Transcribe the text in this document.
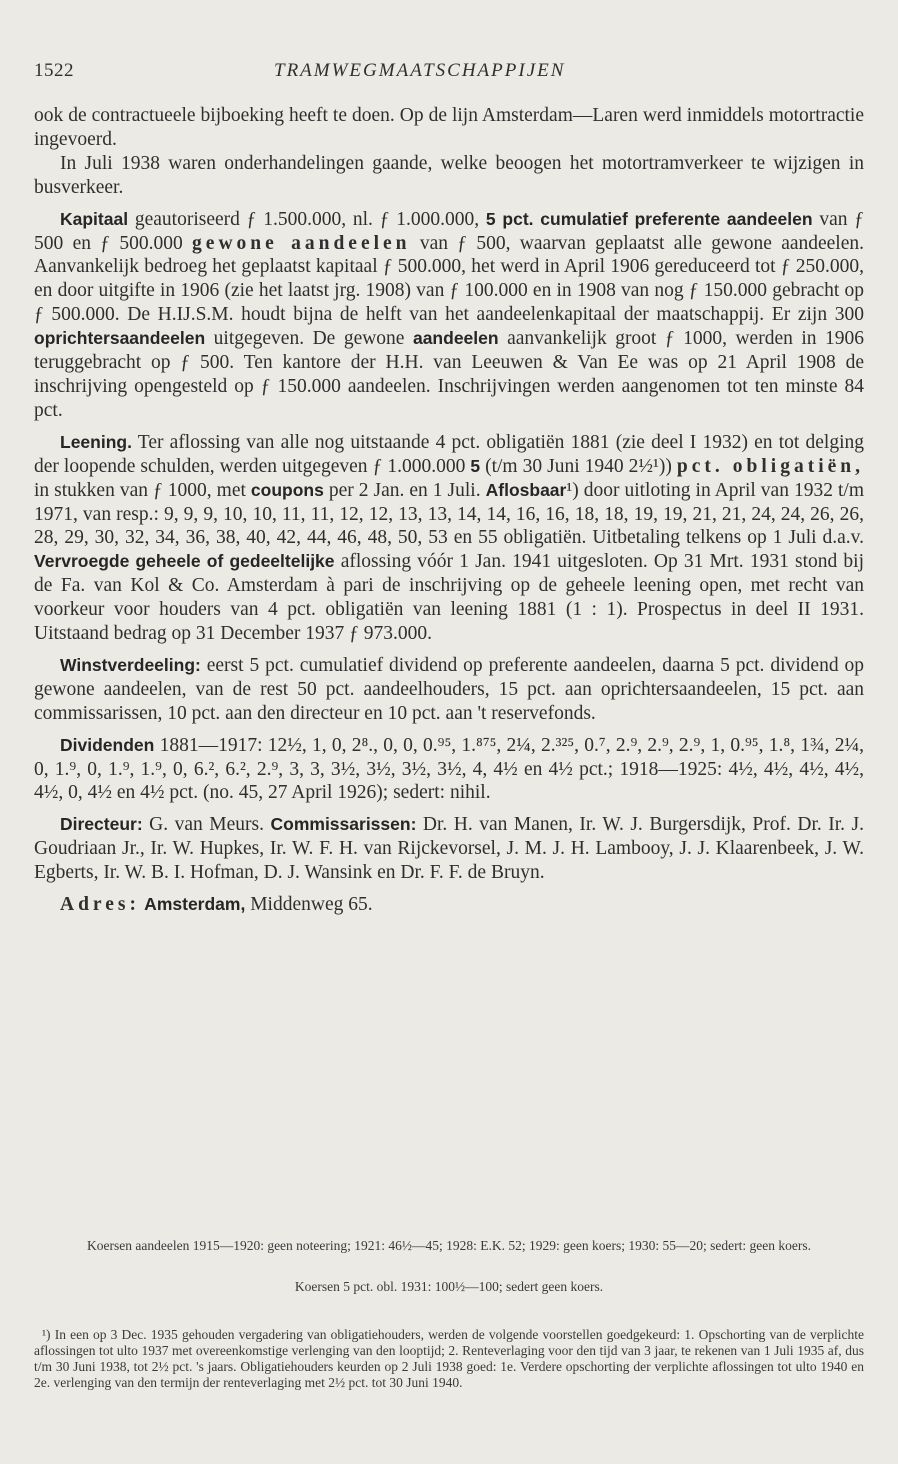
1522	TRAMWEGMAATSCHAPPIJEN

ook de contractueele bijboeking heeft te doen. Op de lijn Amsterdam—Laren werd inmiddels motortractie ingevoerd.

In Juli 1938 waren onderhandelingen gaande, welke beoogen het motortramverkeer te wijzigen in busverkeer.

Kapitaal geautoriseerd ƒ 1.500.000, nl. ƒ 1.000.000, 5 pct. cumulatief preferente aandeelen van ƒ 500 en ƒ 500.000 gewone aandeelen van ƒ 500, waarvan geplaatst alle gewone aandeelen. Aanvankelijk bedroeg het geplaatst kapitaal ƒ 500.000, het werd in April 1906 gereduceerd tot ƒ 250.000, en door uitgifte in 1906 (zie het laatst jrg. 1908) van ƒ 100.000 en in 1908 van nog ƒ 150.000 gebracht op ƒ 500.000. De H.IJ.S.M. houdt bijna de helft van het aandeelenkapitaal der maatschappij. Er zijn 300 oprichtersaandeelen uitgegeven. De gewone aandeelen aanvankelijk groot ƒ 1000, werden in 1906 teruggebracht op ƒ 500. Ten kantore der H.H. van Leeuwen & Van Ee was op 21 April 1908 de inschrijving opengesteld op ƒ 150.000 aandeelen. Inschrijvingen werden aangenomen tot ten minste 84 pct.

Leening. Ter aflossing van alle nog uitstaande 4 pct. obligatiën 1881 (zie deel I 1932) en tot delging der loopende schulden, werden uitgegeven ƒ 1.000.000 5 (t/m 30 Juni 1940 2½¹)) pct. obligatiën, in stukken van ƒ 1000, met coupons per 2 Jan. en 1 Juli. Aflosbaar¹) door uitloting in April van 1932 t/m 1971, van resp.: 9, 9, 9, 10, 10, 11, 11, 12, 12, 13, 13, 14, 14, 16, 16, 18, 18, 19, 19, 21, 21, 24, 24, 26, 26, 28, 29, 30, 32, 34, 36, 38, 40, 42, 44, 46, 48, 50, 53 en 55 obligatiën. Uitbetaling telkens op 1 Juli d.a.v. Vervroegde geheele of gedeeltelijke aflossing vóór 1 Jan. 1941 uitgesloten. Op 31 Mrt. 1931 stond bij de Fa. van Kol & Co. Amsterdam à pari de inschrijving op de geheele leening open, met recht van voorkeur voor houders van 4 pct. obligatiën van leening 1881 (1 : 1). Prospectus in deel II 1931. Uitstaand bedrag op 31 December 1937 ƒ 973.000.

Winstverdeeling: eerst 5 pct. cumulatief dividend op preferente aandeelen, daarna 5 pct. dividend op gewone aandeelen, van de rest 50 pct. aandeelhouders, 15 pct. aan oprichtersaandeelen, 15 pct. aan commissarissen, 10 pct. aan den directeur en 10 pct. aan 't reservefonds.

Dividenden 1881—1917: 12½, 1, 0, 2⁸., 0, 0, 0.⁹⁵, 1.⁸⁷⁵, 2¼, 2.³²⁵, 0.⁷, 2.⁹, 2.⁹, 2.⁹, 1, 0.⁹⁵, 1.⁸, 1¾, 2¼, 0, 1.⁹, 0, 1.⁹, 1.⁹, 0, 6.², 6.², 2.⁹, 3, 3, 3½, 3½, 3½, 3½, 4, 4½ en 4½ pct.; 1918—1925: 4½, 4½, 4½, 4½, 4½, 0, 4½ en 4½ pct. (no. 45, 27 April 1926); sedert: nihil.

Directeur: G. van Meurs. Commissarissen: Dr. H. van Manen, Ir. W. J. Burgersdijk, Prof. Dr. Ir. J. Goudriaan Jr., Ir. W. Hupkes, Ir. W. F. H. van Rijckevorsel, J. M. J. H. Lambooy, J. J. Klaarenbeek, J. W. Egberts, Ir. W. B. I. Hofman, D. J. Wansink en Dr. F. F. de Bruyn.

Adres: Amsterdam, Middenweg 65.

Koersen aandeelen 1915—1920: geen noteering; 1921: 46½—45; 1928: E.K. 52; 1929: geen koers; 1930: 55—20; sedert: geen koers.
Koersen 5 pct. obl. 1931: 100½—100; sedert geen koers.

¹) In een op 3 Dec. 1935 gehouden vergadering van obligatiehouders, werden de volgende voorstellen goedgekeurd: 1. Opschorting van de verplichte aflossingen tot ulto 1937 met overeenkomstige verlenging van den looptijd; 2. Renteverlaging voor den tijd van 3 jaar, te rekenen van 1 Juli 1935 af, dus t/m 30 Juni 1938, tot 2½ pct. 's jaars. Obligatiehouders keurden op 2 Juli 1938 goed: 1e. Verdere opschorting der verplichte aflossingen tot ulto 1940 en 2e. verlenging van den termijn der renteverlaging met 2½ pct. tot 30 Juni 1940.
